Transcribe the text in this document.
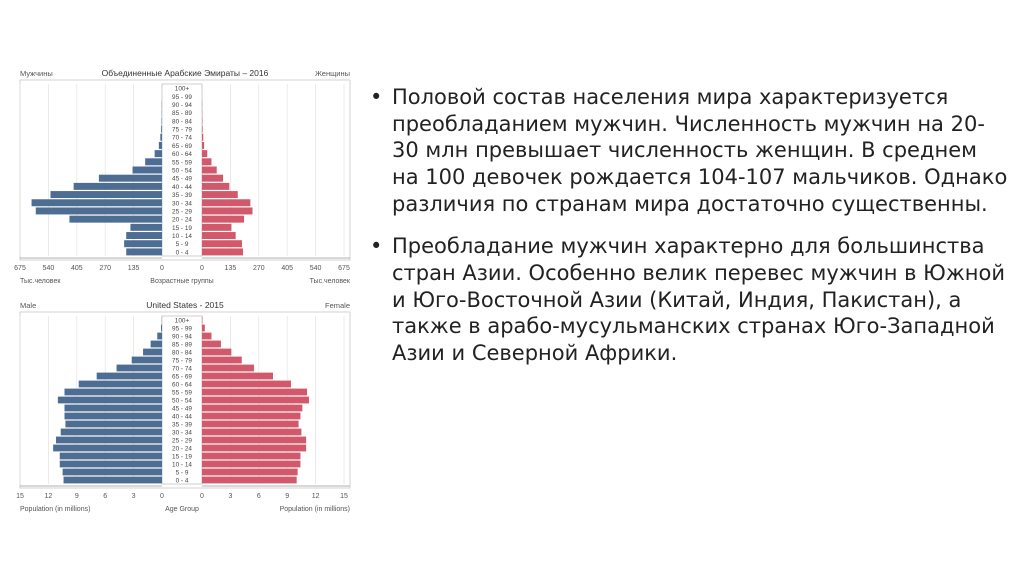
Мужчины	Объединенные Арабские Эмираты – 2016	Женщины
100+
95 - 99
90 - 94
85 - 89
80 - 84
75 - 79
70 - 74
65 - 69
60 - 64
55 - 59
50 - 54
45 - 49
40 - 44
35 - 39
30 - 34
25 - 29
20 - 24
15 - 19
10 - 14
5 - 9
0 - 4
675 540 405 270 135	0	0	135 270 405 540 675
Тыс.человек	Возрастные группы	Тыс.человек
Male	United States - 2015	Female
100+
95 - 99
90 - 94
85 - 89
80 - 84
75 - 79
70 - 74
65 - 69
60 - 64
55 - 59
50 - 54
45 - 49
40 - 44
35 - 39
30 - 34
25 - 29
20 - 24
15 - 19
10 - 14
5 - 9
0 - 4
15	12	9	6	3	0	0	3	6	9	12	15
Population (in millions)	Age Group	Population (in millions)
• Половой состав населения мира характеризуется преобладанием мужчин. Численность мужчин на 20-30 млн превышает численность женщин. В среднем на 100 девочек рождается 104-107 мальчиков. Однако различия по странам мира достаточно существенны.
• Преобладание мужчин характерно для большинства стран Азии. Особенно велик перевес мужчин в Южной и Юго-Восточной Азии (Китай, Индия, Пакистан), а также в арабо-мусульманских странах Юго-Западной Азии и Северной Африки.
